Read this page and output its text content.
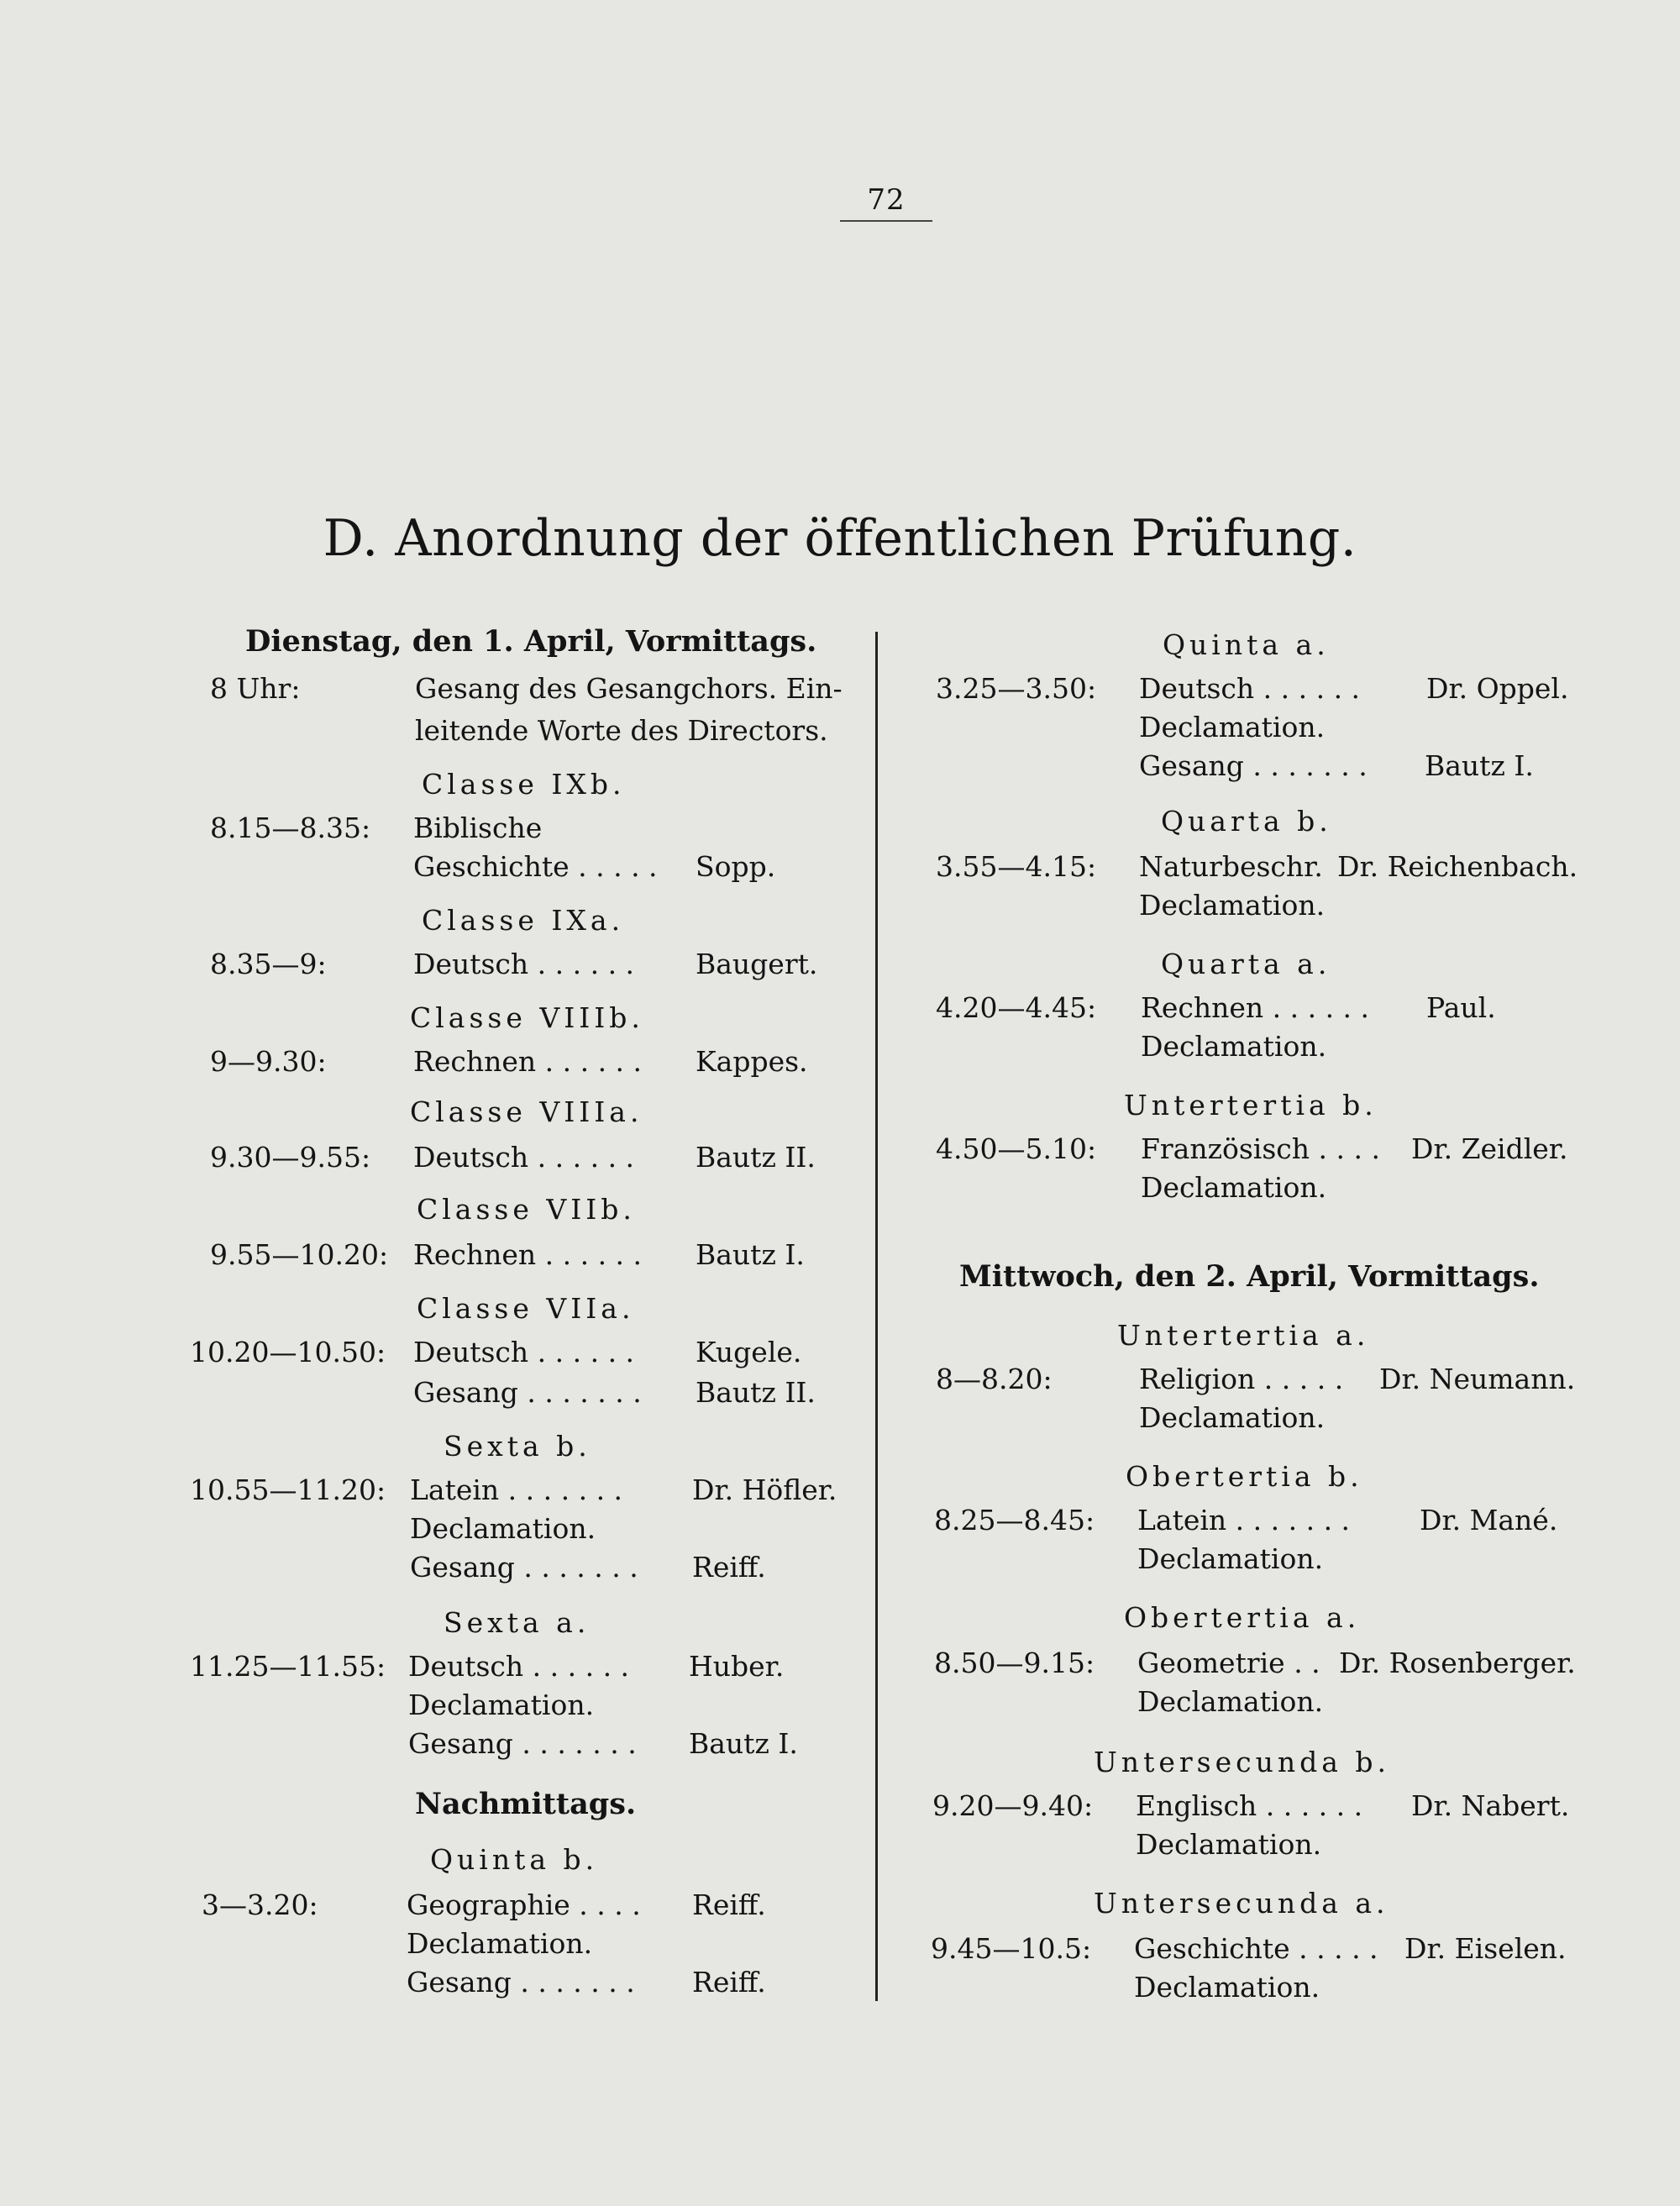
72
D. Anordnung der öffentlichen Prüfung.
Dienstag, den 1. April, Vormittags.
8 Uhr:	Gesang des Gesangchors. Ein-
leitende Worte des Directors.
Classe IXb.
8.15—8.35: Biblische
Geschichte . . . . . Sopp.
Classe IXa.
8.35—9:	Deutsch . . . . . . Baugert.
Classe VIIIb.
9—9.30:	Rechnen . . . . . . Kappes.
Classe VIIIa.
9.30—9.55: Deutsch . . . . . . Bautz II.
Classe VIIb.
9.55—10.20: Rechnen . . . . . . Bautz I.
Classe VIIa.
10.20—10.50: Deutsch . . . . . . Kugele.
Gesang . . . . . . . Bautz II.
Sexta b.
10.55—11.20: Latein . . . . . . .	Dr. Höfler.
Declamation.
Gesang . . . . . . . Reiff.
Sexta a.
11.25—11.55: Deutsch . . . . . . Huber.
Declamation.
Gesang . . . . . . . Bautz I.
Nachmittags.
Quinta b.
3—3.20:	Geographie . . . . Reiff.
Declamation.
Gesang . . . . . . . Reiff.
Quinta a.
3.25—3.50: Deutsch . . . . . . Dr. Oppel.
Declamation.
Gesang . . . . . . . Bautz I.
Quarta b.
3.55—4.15: Naturbeschr. Dr. Reichenbach.
Declamation.
Quarta a.
4.20—4.45: Rechnen . . . . . . Paul.
Declamation.
Untertertia b.
4.50—5.10: Französisch . . . . Dr. Zeidler.
Declamation.
Mittwoch, den 2. April, Vormittags.
Untertertia a.
8—8.20:	Religion . . . . . Dr. Neumann.
Declamation.
Obertertia b.
8.25—8.45: Latein . . . . . . .	Dr. Mané.
Declamation.
Obertertia a.
8.50—9.15: Geometrie . . Dr. Rosenberger.
Declamation.
Untersecunda b.
9.20—9.40: Englisch . . . . . . Dr. Nabert.
Declamation.
Untersecunda a.
9.45—10.5: Geschichte . . . . . Dr. Eiselen.
Declamation.
